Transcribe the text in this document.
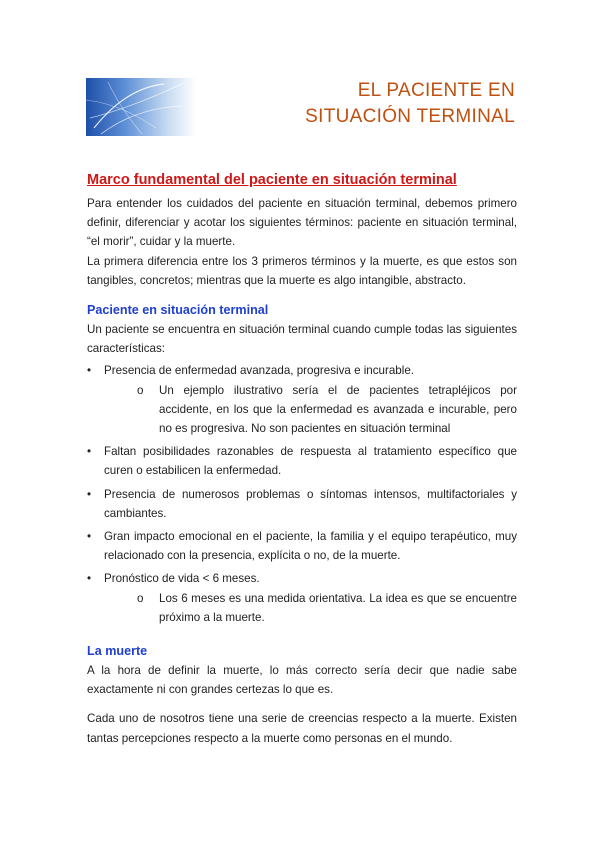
EL PACIENTE EN
SITUACIÓN TERMINAL
Marco fundamental del paciente en situación terminal

Para entender los cuidados del paciente en situación terminal, debemos primero definir, diferenciar y acotar los siguientes términos: paciente en situación terminal, “el morir”, cuidar y la muerte.

La primera diferencia entre los 3 primeros términos y la muerte, es que estos son tangibles, concretos; mientras que la muerte es algo intangible, abstracto.

Paciente en situación terminal

Un paciente se encuentra en situación terminal cuando cumple todas las siguientes características:

• Presencia de enfermedad avanzada, progresiva e incurable.
o Un ejemplo ilustrativo sería el de pacientes tetrapléjicos por accidente, en los que la enfermedad es avanzada e incurable, pero no es progresiva. No son pacientes en situación terminal
• Faltan posibilidades razonables de respuesta al tratamiento específico que curen o estabilicen la enfermedad.
• Presencia de numerosos problemas o síntomas intensos, multifactoriales y cambiantes.
• Gran impacto emocional en el paciente, la familia y el equipo terapéutico, muy relacionado con la presencia, explícita o no, de la muerte.
• Pronóstico de vida < 6 meses.
o Los 6 meses es una medida orientativa. La idea es que se encuentre próximo a la muerte.
La muerte

A la hora de definir la muerte, lo más correcto sería decir que nadie sabe exactamente ni con grandes certezas lo que es.

Cada uno de nosotros tiene una serie de creencias respecto a la muerte. Existen tantas percepciones respecto a la muerte como personas en el mundo.
